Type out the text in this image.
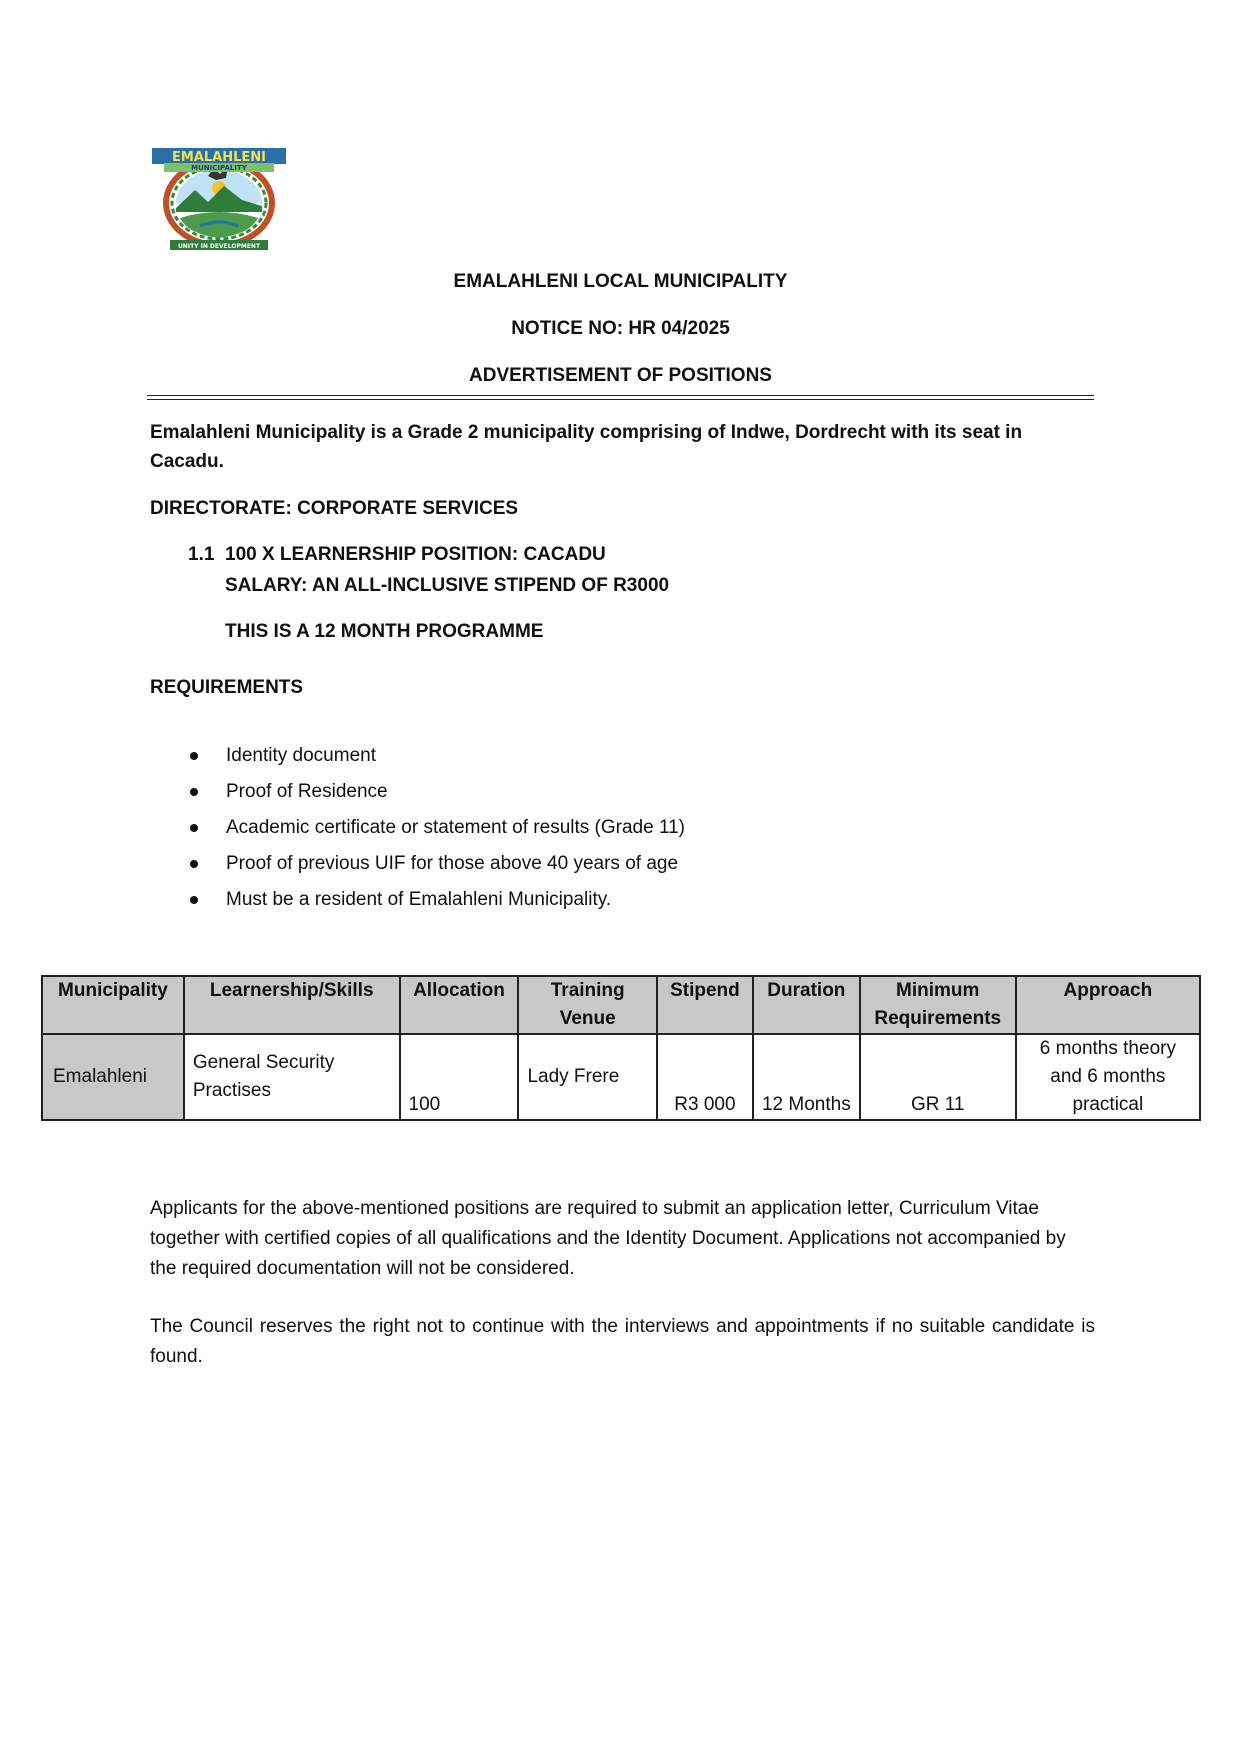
EMALAHLENI
MUNICIPALITY
UNITY IN DEVELOPMENT
EMALAHLENI LOCAL MUNICIPALITY
NOTICE NO: HR 04/2025
ADVERTISEMENT OF POSITIONS
Emalahleni Municipality is a Grade 2 municipality comprising of Indwe, Dordrecht with its seat in Cacadu.
DIRECTORATE: CORPORATE SERVICES
1.1 100 X LEARNERSHIP POSITION: CACADU
SALARY: AN ALL-INCLUSIVE STIPEND OF R3000
THIS IS A 12 MONTH PROGRAMME
REQUIREMENTS
Identity document
Proof of Residence
Academic certificate or statement of results (Grade 11)
Proof of previous UIF for those above 40 years of age
Must be a resident of Emalahleni Municipality.
Municipality	Learnership/Skills	Allocation	Training Venue	Stipend	Duration	Minimum Requirements	Approach
Emalahleni	General Security Practises	100	Lady Frere	R3 000	12 Months	GR 11	6 months theory and 6 months practical
Applicants for the above-mentioned positions are required to submit an application letter, Curriculum Vitae together with certified copies of all qualifications and the Identity Document. Applications not accompanied by the required documentation will not be considered.
The Council reserves the right not to continue with the interviews and appointments if no suitable candidate is found.
